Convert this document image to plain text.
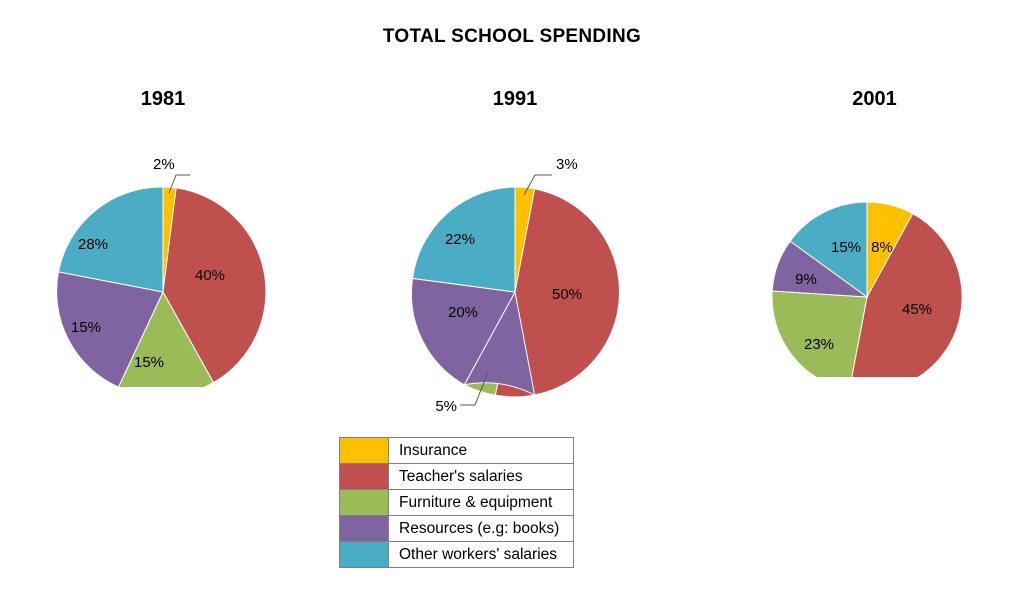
TOTAL SCHOOL SPENDING
1981
2%
40%
15%
15%
28%
1991
3%
50%
5%
20%
22%
2001
8%
45%
23%
9%
15%
Insurance
Teacher's salaries
Furniture & equipment
Resources (e.g: books)
Other workers' salaries
